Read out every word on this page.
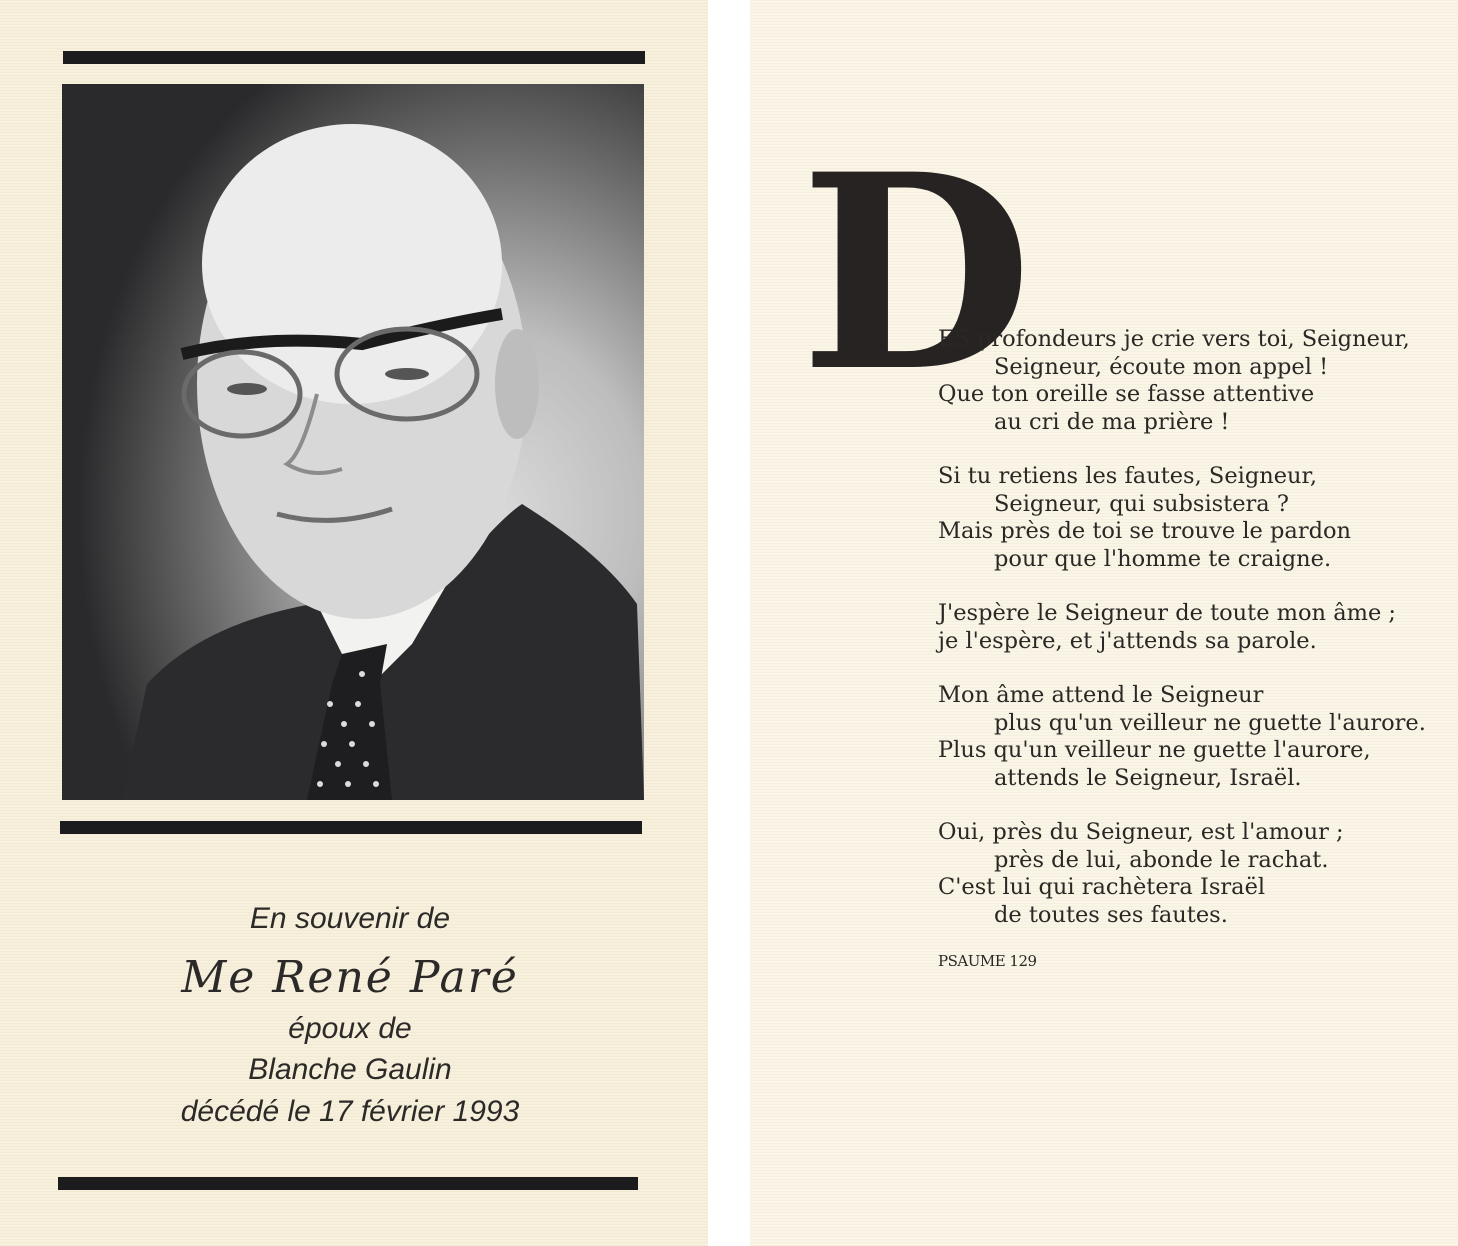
En souvenir de
Me René Paré
époux de
Blanche Gaulin
décédé le 17 février 1993
D
ES profondeurs je crie vers toi, Seigneur,
Seigneur, écoute mon appel !
Que ton oreille se fasse attentive
au cri de ma prière !
Si tu retiens les fautes, Seigneur,
Seigneur, qui subsistera ?
Mais près de toi se trouve le pardon
pour que l'homme te craigne.
J'espère le Seigneur de toute mon âme ;
je l'espère, et j'attends sa parole.
Mon âme attend le Seigneur
plus qu'un veilleur ne guette l'aurore.
Plus qu'un veilleur ne guette l'aurore,
attends le Seigneur, Israël.
Oui, près du Seigneur, est l'amour ;
près de lui, abonde le rachat.
C'est lui qui rachètera Israël
de toutes ses fautes.
PSAUME 129
